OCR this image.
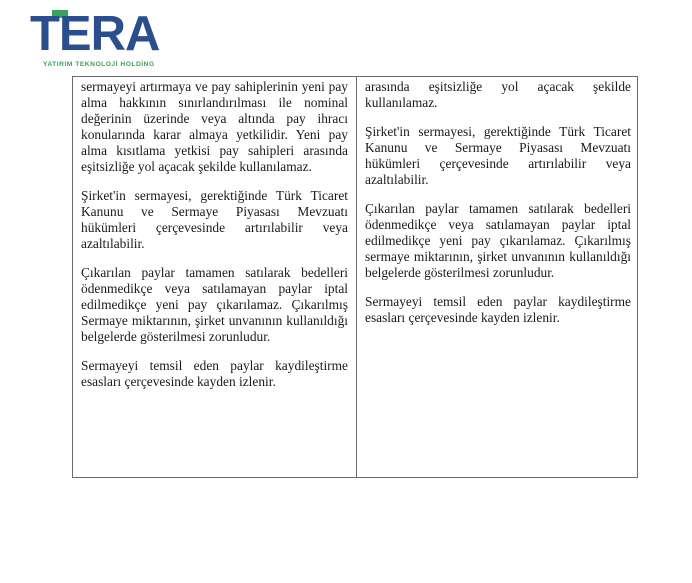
TERA
YATIRIM TEKNOLOJİ HOLDİNG

sermayeyi artırmaya ve pay sahiplerinin yeni pay alma hakkının sınırlandırılması ile nominal değerinin üzerinde veya altında pay ihracı konularında karar almaya yetkilidir. Yeni pay alma kısıtlama yetkisi pay sahipleri arasında eşitsizliğe yol açacak şekilde kullanılamaz.

Şirket'in sermayesi, gerektiğinde Türk Ticaret Kanunu ve Sermaye Piyasası Mevzuatı hükümleri çerçevesinde artırılabilir veya azaltılabilir.

Çıkarılan paylar tamamen satılarak bedelleri ödenmedikçe veya satılamayan paylar iptal edilmedikçe yeni pay çıkarılamaz. Çıkarılmış Sermaye miktarının, şirket unvanının kullanıldığı belgelerde gösterilmesi zorunludur.

Sermayeyi temsil eden paylar kaydileştirme esasları çerçevesinde kayden izlenir.

arasında eşitsizliğe yol açacak şekilde kullanılamaz.

Şirket'in sermayesi, gerektiğinde Türk Ticaret Kanunu ve Sermaye Piyasası Mevzuatı hükümleri çerçevesinde artırılabilir veya azaltılabilir.

Çıkarılan paylar tamamen satılarak bedelleri ödenmedikçe veya satılamayan paylar iptal edilmedikçe yeni pay çıkarılamaz. Çıkarılmış sermaye miktarının, şirket unvanının kullanıldığı belgelerde gösterilmesi zorunludur.

Sermayeyi temsil eden paylar kaydileştirme esasları çerçevesinde kayden izlenir.
